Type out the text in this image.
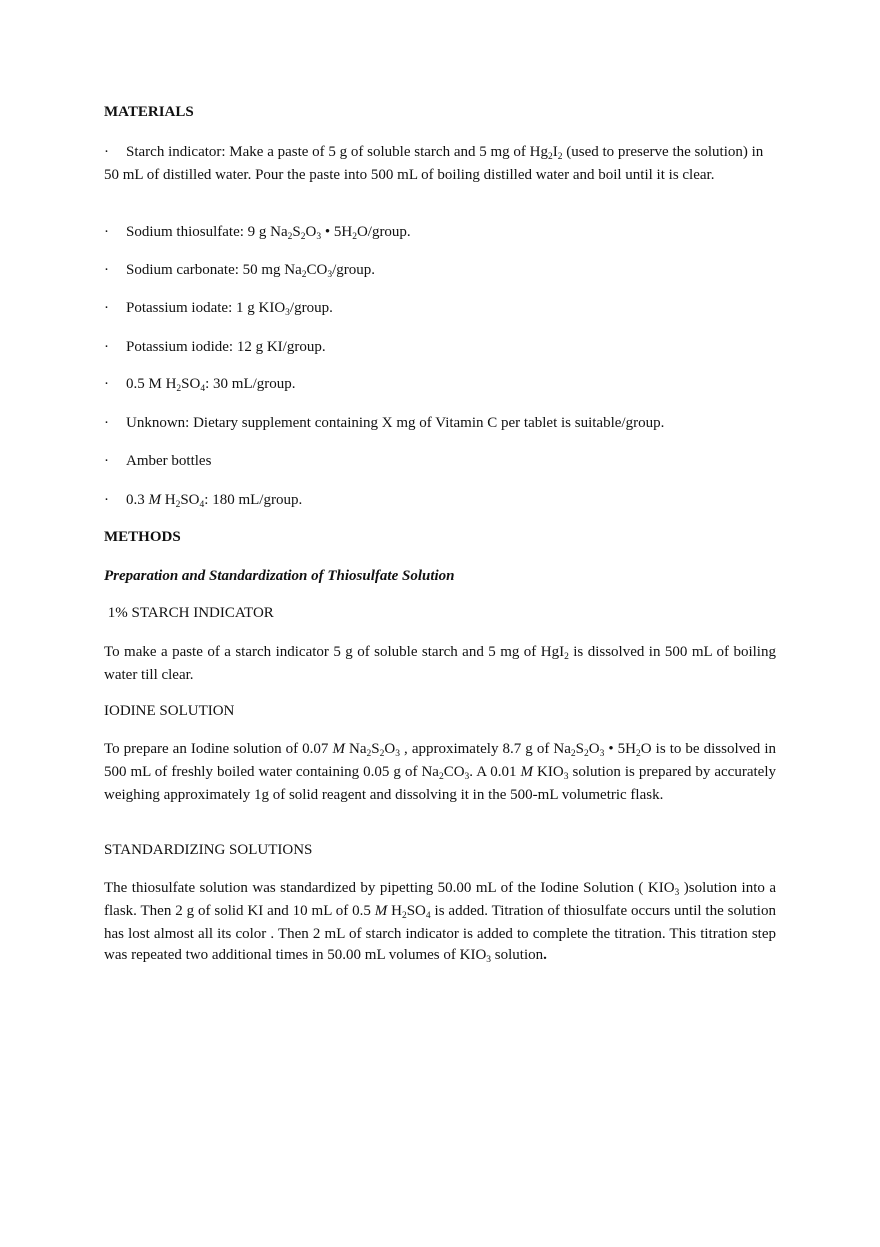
MATERIALS
·	Starch indicator: Make a paste of 5 g of soluble starch and 5 mg of $Hg_2I_2$ (used to preserve the solution) in 50 mL of distilled water. Pour the paste into 500 mL of boiling distilled water and boil until it is clear.
·	Sodium thiosulfate: 9 g $Na_2S_2O_3$ • $5H_2O$/group.
·	Sodium carbonate: 50 mg $Na_2CO_3$/group.
·	Potassium iodate: 1 g $KIO_3$/group.
·	Potassium iodide: 12 g KI/group.
·	0.5 M $H_2SO_4$: 30 mL/group.
·	Unknown: Dietary supplement containing X mg of Vitamin C per tablet is suitable/group.
·	Amber bottles
·	0.3 M $H_2SO_4$: 180 mL/group.
METHODS
Preparation and Standardization of Thiosulfate Solution
1% STARCH INDICATOR

To make a paste of a starch indicator 5 g of soluble starch and 5 mg of HgI$_2$ is dissolved in 500 mL of boiling water till clear.

IODINE SOLUTION

To prepare an Iodine solution of 0.07 M $Na_2S_2O_3$ , approximately 8.7 g of $Na_2S_2O_3$ • $5H_2O$ is to be dissolved in 500 mL of freshly boiled water containing 0.05 g of $Na_2CO_3$. A 0.01 M $KIO_3$ solution is prepared by accurately weighing approximately 1g of solid reagent and dissolving it in the 500-mL volumetric flask.

STANDARDIZING SOLUTIONS

The thiosulfate solution was standardized by pipetting 50.00 mL of the Iodine Solution ( $KIO_3$ )solution into a flask. Then 2 g of solid KI and 10 mL of 0.5 M $H_2SO_4$ is added. Titration of thiosulfate occurs until the solution has lost almost all its color . Then 2 mL of starch indicator is added to complete the titration. This titration step was repeated two additional times in 50.00 mL volumes of $KIO_3$ solution.
